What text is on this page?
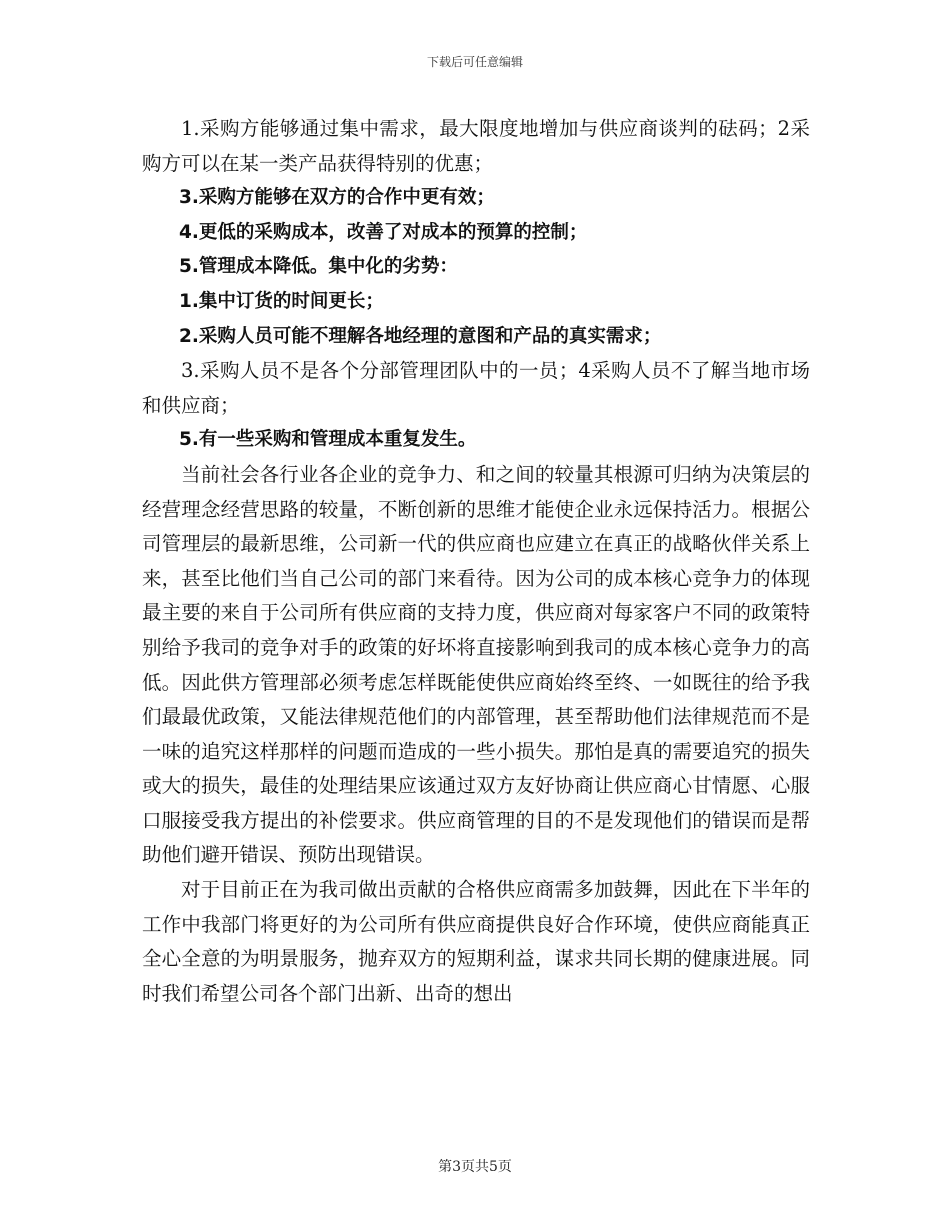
下载后可任意编辑

1.采购方能够通过集中需求，最大限度地增加与供应商谈判的砝码；2采购方可以在某一类产品获得特别的优惠；

3.采购方能够在双方的合作中更有效；

4.更低的采购成本，改善了对成本的预算的控制；

5.管理成本降低。集中化的劣势：

1.集中订货的时间更长；

2.采购人员可能不理解各地经理的意图和产品的真实需求；

3.采购人员不是各个分部管理团队中的一员；4采购人员不了解当地市场和供应商；

5.有一些采购和管理成本重复发生。

当前社会各行业各企业的竞争力、和之间的较量其根源可归纳为决策层的经营理念经营思路的较量，不断创新的思维才能使企业永远保持活力。根据公司管理层的最新思维，公司新一代的供应商也应建立在真正的战略伙伴关系上来，甚至比他们当自己公司的部门来看待。因为公司的成本核心竞争力的体现最主要的来自于公司所有供应商的支持力度，供应商对每家客户不同的政策特别给予我司的竞争对手的政策的好坏将直接影响到我司的成本核心竞争力的高低。因此供方管理部必须考虑怎样既能使供应商始终至终、一如既往的给予我们最最优政策，又能法律规范他们的内部管理，甚至帮助他们法律规范而不是一味的追究这样那样的问题而造成的一些小损失。那怕是真的需要追究的损失或大的损失，最佳的处理结果应该通过双方友好协商让供应商心甘情愿、心服口服接受我方提出的补偿要求。供应商管理的目的不是发现他们的错误而是帮助他们避开错误、预防出现错误。

对于目前正在为我司做出贡献的合格供应商需多加鼓舞，因此在下半年的工作中我部门将更好的为公司所有供应商提供良好合作环境，使供应商能真正全心全意的为明景服务，抛弃双方的短期利益，谋求共同长期的健康进展。同时我们希望公司各个部门出新、出奇的想出

第3页共5页
